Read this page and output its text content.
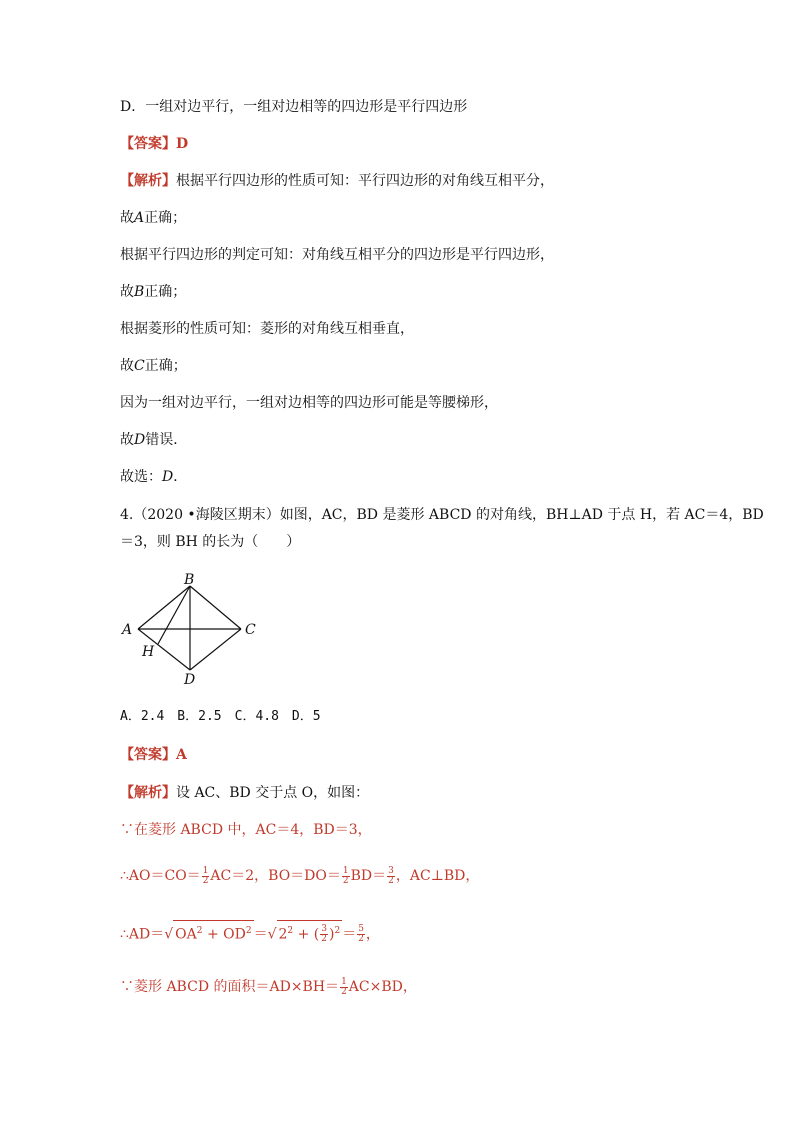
D．一组对边平行，一组对边相等的四边形是平行四边形
【答案】D
【解析】根据平行四边形的性质可知：平行四边形的对角线互相平分，
故A正确；
根据平行四边形的判定可知：对角线互相平分的四边形是平行四边形，
故B正确；
根据菱形的性质可知：菱形的对角线互相垂直，
故C正确；
因为一组对边平行，一组对边相等的四边形可能是等腰梯形，
故D错误．
故选：D．
4.（2020 •海陵区期末）如图，AC，BD 是菱形 ABCD 的对角线，BH⊥AD 于点 H，若 AC＝4，BD
＝3，则 BH 的长为（　　）
B
A	C
H
D
A．2.4　B．2.5　C．4.8　D．5
【答案】A
【解析】设 AC、BD 交于点 O，如图：
∵在菱形 ABCD 中，AC＝4，BD＝3，
∴AO＝CO＝ $\frac{1}{2} AC=2$，$BO=DO= \frac{1}{2} BD= \frac{3}{2}$ ，AC⊥BD，
∴AD＝√ $OA^2 + OD^2$ ＝√ $2^2$ + ( $\frac{3}{2} )^2 = \frac{5}{2}$ ，
∵菱形 ABCD 的面积$=AD\times BH= \frac{1}{2} AC\times BD$，
